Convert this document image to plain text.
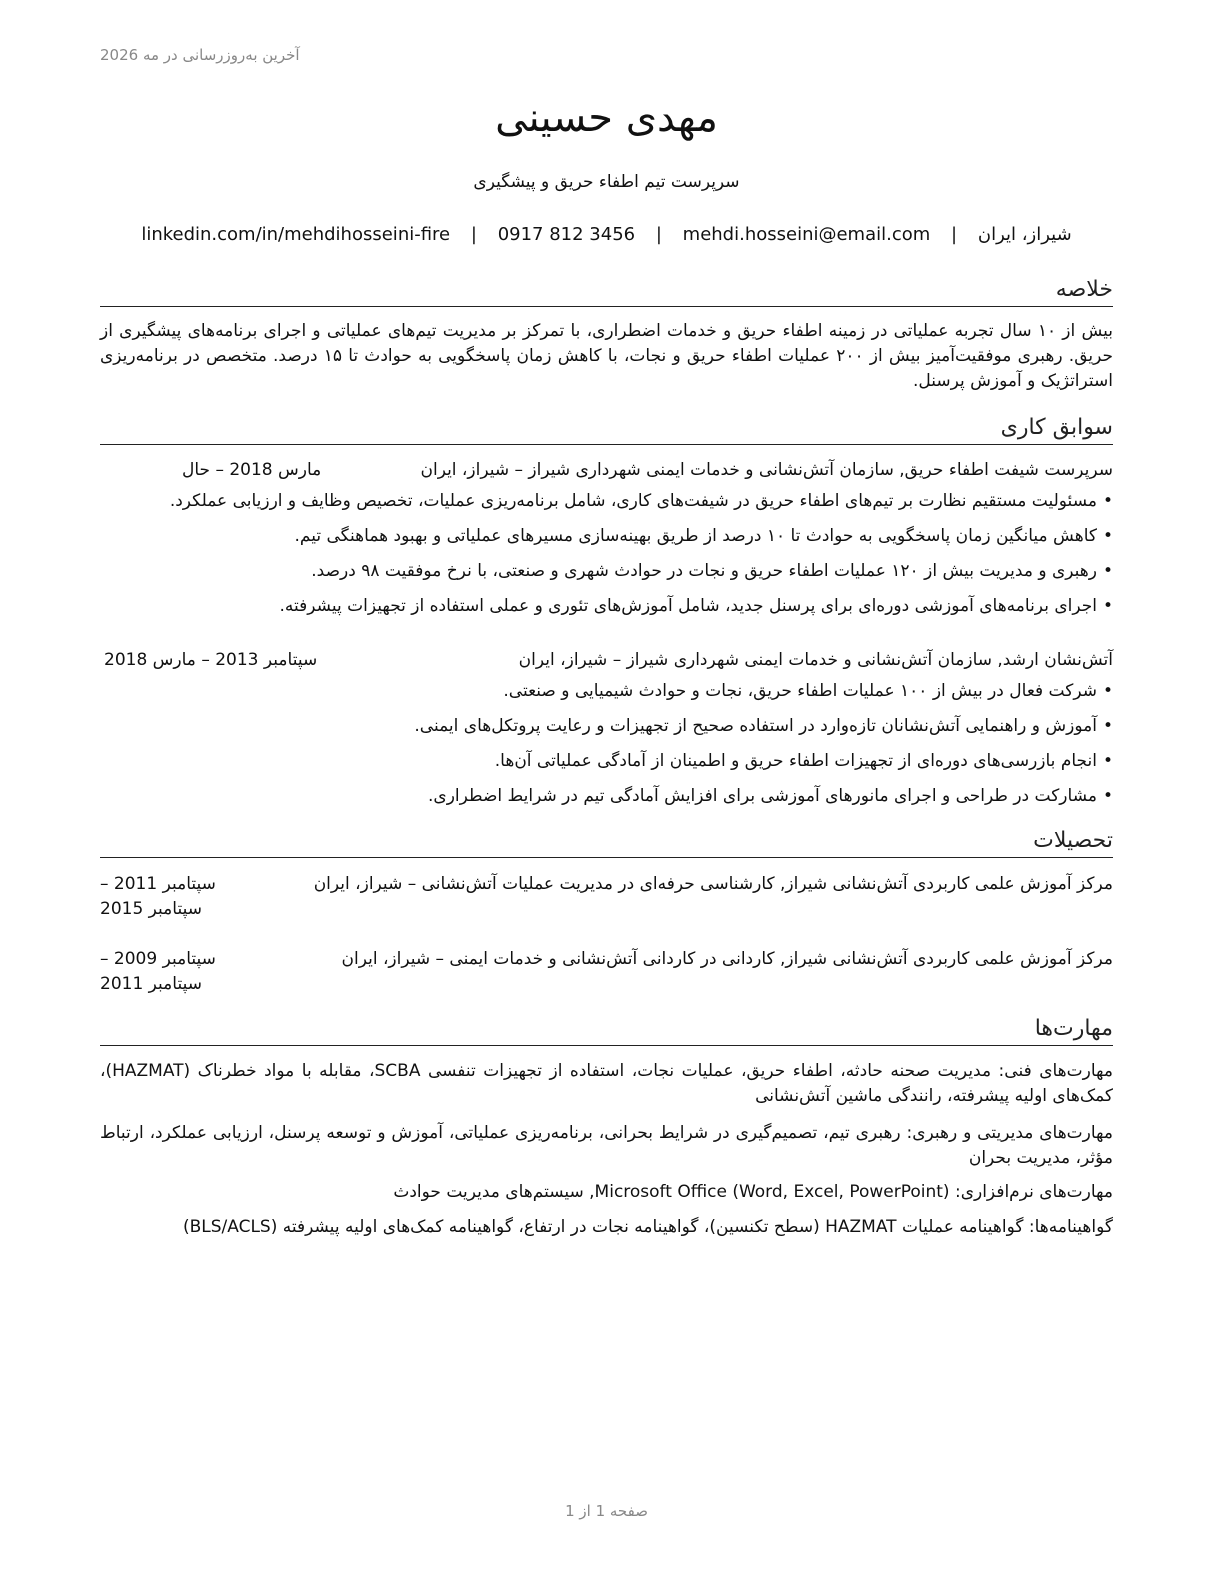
آخرین به‌روزرسانی در مه 2026
مهدی حسینی
سرپرست تیم اطفاء حریق و پیشگیری
شیراز، ایران | mehdi.hosseini@email.com | 0917 812 3456 | linkedin.com/in/mehdihosseini-fire
خلاصه
بیش از ۱۰ سال تجربه عملیاتی در زمینه اطفاء حریق و خدمات اضطراری، با تمرکز بر مدیریت تیم‌های عملیاتی و اجرای برنامه‌های پیشگیری از حریق. رهبری موفقیت‌آمیز بیش از ۲۰۰ عملیات اطفاء حریق و نجات، با کاهش زمان پاسخگویی به حوادث تا ۱۵ درصد. متخصص در برنامه‌ریزی استراتژیک و آموزش پرسنل.
سوابق کاری
سرپرست شیفت اطفاء حریق, سازمان آتش‌نشانی و خدمات ایمنی شهرداری شیراز – شیراز، ایران
مارس 2018 – حال
•مسئولیت مستقیم نظارت بر تیم‌های اطفاء حریق در شیفت‌های کاری، شامل برنامه‌ریزی عملیات، تخصیص وظایف و ارزیابی عملکرد.
•کاهش میانگین زمان پاسخگویی به حوادث تا ۱۰ درصد از طریق بهینه‌سازی مسیرهای عملیاتی و بهبود هماهنگی تیم.
•رهبری و مدیریت بیش از ۱۲۰ عملیات اطفاء حریق و نجات در حوادث شهری و صنعتی، با نرخ موفقیت ۹۸ درصد.
•اجرای برنامه‌های آموزشی دوره‌ای برای پرسنل جدید، شامل آموزش‌های تئوری و عملی استفاده از تجهیزات پیشرفته.
آتش‌نشان ارشد, سازمان آتش‌نشانی و خدمات ایمنی شهرداری شیراز – شیراز، ایران
سپتامبر 2013 – مارس 2018
•شرکت فعال در بیش از ۱۰۰ عملیات اطفاء حریق، نجات و حوادث شیمیایی و صنعتی.
•آموزش و راهنمایی آتش‌نشانان تازه‌وارد در استفاده صحیح از تجهیزات و رعایت پروتکل‌های ایمنی.
•انجام بازرسی‌های دوره‌ای از تجهیزات اطفاء حریق و اطمینان از آمادگی عملیاتی آن‌ها.
•مشارکت در طراحی و اجرای مانورهای آموزشی برای افزایش آمادگی تیم در شرایط اضطراری.
تحصیلات
مرکز آموزش علمی کاربردی آتش‌نشانی شیراز, کارشناسی حرفه‌ای در مدیریت عملیات آتش‌نشانی – شیراز، ایران
سپتامبر 2011 – سپتامبر 2015
مرکز آموزش علمی کاربردی آتش‌نشانی شیراز, کاردانی در کاردانی آتش‌نشانی و خدمات ایمنی – شیراز، ایران
سپتامبر 2009 – سپتامبر 2011
مهارت‌ها
مهارت‌های فنی: مدیریت صحنه حادثه، اطفاء حریق، عملیات نجات، استفاده از تجهیزات تنفسی SCBA، مقابله با مواد خطرناک (HAZMAT)، کمک‌های اولیه پیشرفته، رانندگی ماشین آتش‌نشانی
مهارت‌های مدیریتی و رهبری: رهبری تیم، تصمیم‌گیری در شرایط بحرانی، برنامه‌ریزی عملیاتی، آموزش و توسعه پرسنل، ارزیابی عملکرد، ارتباط مؤثر، مدیریت بحران
مهارت‌های نرم‌افزاری: Microsoft Office (Word, Excel, PowerPoint), سیستم‌های مدیریت حوادث
گواهینامه‌ها: گواهینامه عملیات HAZMAT (سطح تکنسین)، گواهینامه نجات در ارتفاع، گواهینامه کمک‌های اولیه پیشرفته (BLS/ACLS)
صفحه 1 از 1
